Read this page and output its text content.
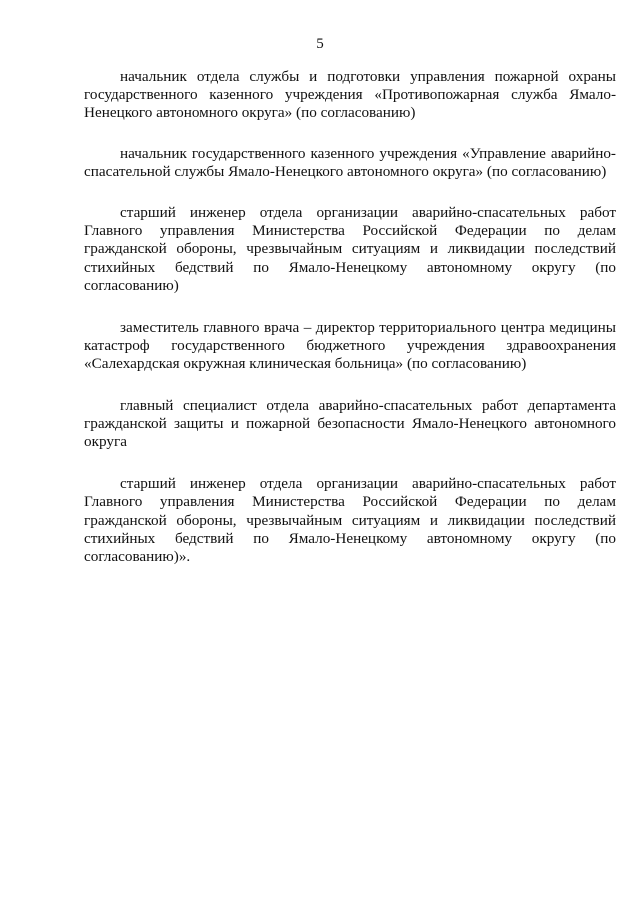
5

начальник отдела службы и подготовки управления пожарной охраны государственного казенного учреждения «Противопожарная служба Ямало-Ненецкого автономного округа» (по согласованию)

начальник государственного казенного учреждения «Управление аварийно-спасательной службы Ямало-Ненецкого автономного округа» (по согласованию)

старший инженер отдела организации аварийно-спасательных работ Главного управления Министерства Российской Федерации по делам гражданской обороны, чрезвычайным ситуациям и ликвидации последствий стихийных бедствий по Ямало-Ненецкому автономному округу (по согласованию)

заместитель главного врача – директор территориального центра медицины катастроф государственного бюджетного учреждения здравоохранения «Салехардская окружная клиническая больница» (по согласованию)

главный специалист отдела аварийно-спасательных работ департамента гражданской защиты и пожарной безопасности Ямало-Ненецкого автономного округа

старший инженер отдела организации аварийно-спасательных работ Главного управления Министерства Российской Федерации по делам гражданской обороны, чрезвычайным ситуациям и ликвидации последствий стихийных бедствий по Ямало-Ненецкому автономному округу (по согласованию)».
